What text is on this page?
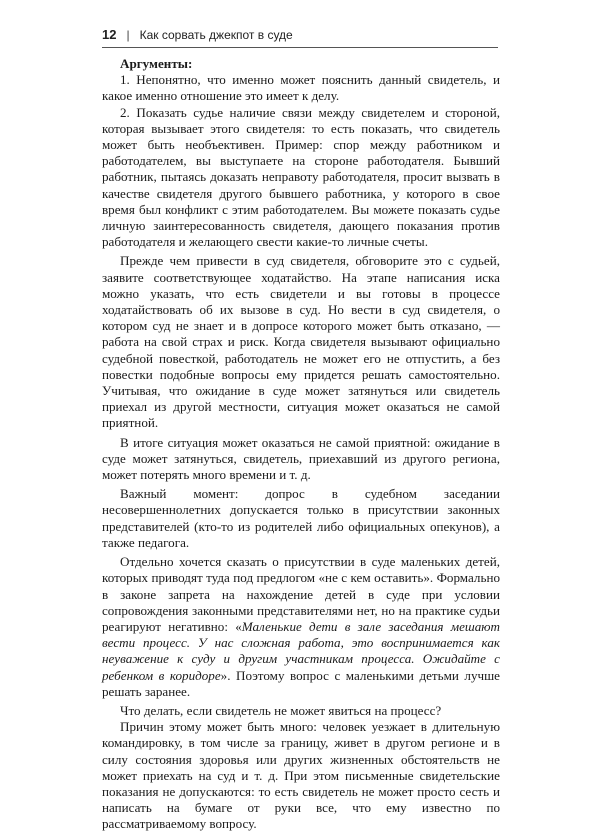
12 | Как сорвать джекпот в суде

Аргументы:

1. Непонятно, что именно может пояснить данный свидетель, и какое именно отношение это имеет к делу.

2. Показать судье наличие связи между свидетелем и стороной, которая вызывает этого свидетеля: то есть показать, что свидетель может быть необъективен. Пример: спор между работником и работодателем, вы выступаете на стороне работодателя. Бывший работник, пытаясь доказать неправоту работодателя, просит вызвать в качестве свидетеля другого бывшего работника, у которого в свое время был конфликт с этим работодателем. Вы можете показать судье личную заинтересованность свидетеля, дающего показания против работодателя и желающего свести какие-то личные счеты.

Прежде чем привести в суд свидетеля, обговорите это с судьей, заявите соответствующее ходатайство. На этапе написания иска можно указать, что есть свидетели и вы готовы в процессе ходатайствовать об их вызове в суд. Но вести в суд свидетеля, о котором суд не знает и в допросе которого может быть отказано, — работа на свой страх и риск. Когда свидетеля вызывают официально судебной повесткой, работодатель не может его не отпустить, а без повестки подобные вопросы ему придется решать самостоятельно. Учитывая, что ожидание в суде может затянуться или свидетель приехал из другой местности, ситуация может оказаться не самой приятной.

В итоге ситуация может оказаться не самой приятной: ожидание в суде может затянуться, свидетель, приехавший из другого региона, может потерять много времени и т. д.

Важный момент: допрос в судебном заседании несовершеннолетних допускается только в присутствии законных представителей (кто-то из родителей либо официальных опекунов), а также педагога.

Отдельно хочется сказать о присутствии в суде маленьких детей, которых приводят туда под предлогом «не с кем оставить». Формально в законе запрета на нахождение детей в суде при условии сопровождения законными представителями нет, но на практике судьи реагируют негативно: «Маленькие дети в зале заседания мешают вести процесс. У нас сложная работа, это воспринимается как неуважение к суду и другим участникам процесса. Ожидайте с ребенком в коридоре». Поэтому вопрос с маленькими детьми лучше решать заранее.

Что делать, если свидетель не может явиться на процесс?

Причин этому может быть много: человек уезжает в длительную командировку, в том числе за границу, живет в другом регионе и в силу состояния здоровья или других жизненных обстоятельств не может приехать на суд и т. д. При этом письменные свидетельские показания не допускаются: то есть свидетель не может просто сесть и написать на бумаге от руки все, что ему известно по рассматриваемому вопросу.
